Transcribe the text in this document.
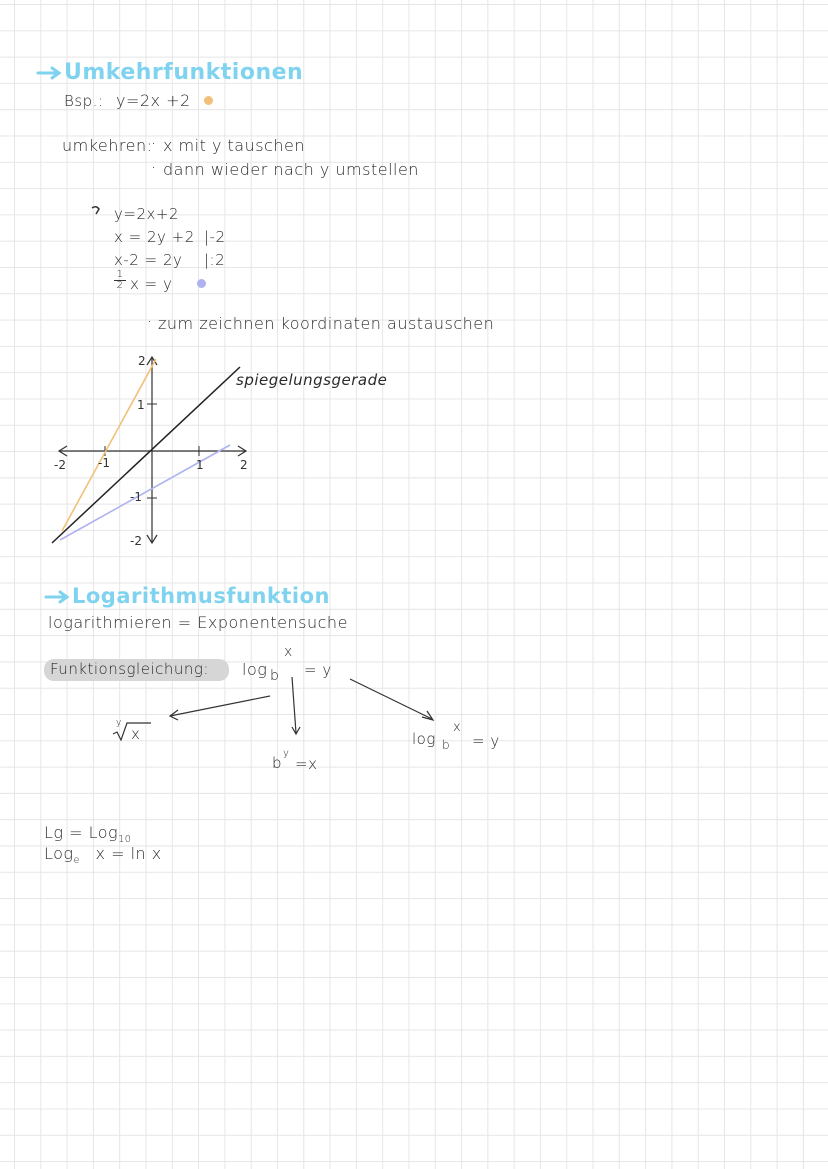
Umkehrfunktionen
Bsp.: y=2x +2
umkehren:
· x mit y tauschen
· dann wieder nach y umstellen
y=2x+2
x = 2y +2 |-2
x-2 = 2y |:2
1
2 x = y
· zum zeichnen koordinaten austauschen
-2	-1	1	2
2
1
-1
-2
spiegelungsgerade
Logarithmusfunktion
logarithmieren = Exponentensuche
Funktionsgleichung: log b
x
= y
y
x
b
y
=x
log b
x
= y
Lg = Log$_{10}$
Log$_e$ x = ln x
